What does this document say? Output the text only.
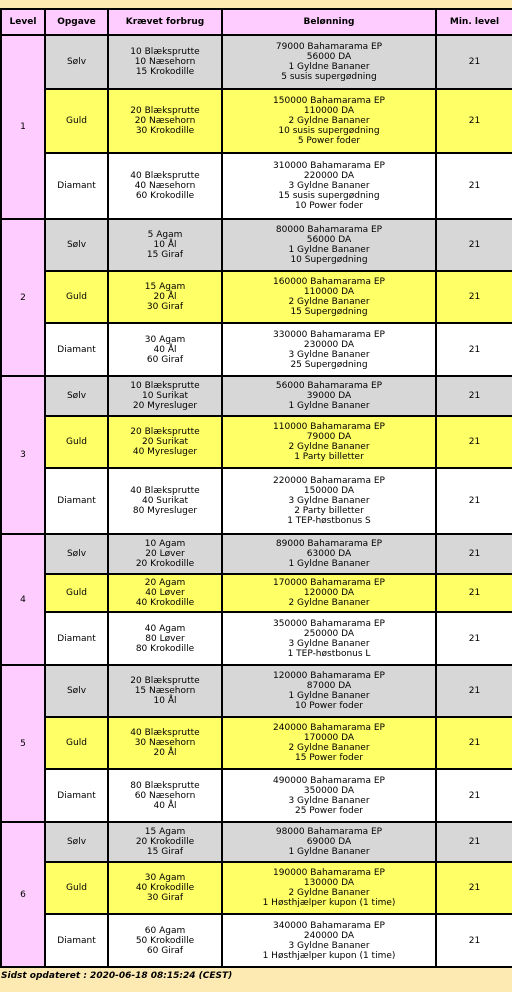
Level	Opgave	Krævet forbrug	Belønning	Min. level
1	Sølv	10 Blæksprutte
10 Næsehorn
15 Krokodille	79000 Bahamarama EP
56000 DA
1 Gyldne Bananer
5 susis supergødning	21
	Guld	20 Blæksprutte
20 Næsehorn
30 Krokodille	150000 Bahamarama EP
110000 DA
2 Gyldne Bananer
10 susis supergødning
5 Power foder	21
	Diamant	40 Blæksprutte
40 Næsehorn
60 Krokodille	310000 Bahamarama EP
220000 DA
3 Gyldne Bananer
15 susis supergødning
10 Power foder	21
2	Sølv	5 Agam
10 Ål
15 Giraf	80000 Bahamarama EP
56000 DA
1 Gyldne Bananer
10 Supergødning	21
	Guld	15 Agam
20 Ål
30 Giraf	160000 Bahamarama EP
110000 DA
2 Gyldne Bananer
15 Supergødning	21
	Diamant	30 Agam
40 Ål
60 Giraf	330000 Bahamarama EP
230000 DA
3 Gyldne Bananer
25 Supergødning	21
3	Sølv	10 Blæksprutte
10 Surikat
20 Myresluger	56000 Bahamarama EP
39000 DA
1 Gyldne Bananer	21
	Guld	20 Blæksprutte
20 Surikat
40 Myresluger	110000 Bahamarama EP
79000 DA
2 Gyldne Bananer
1 Party billetter	21
	Diamant	40 Blæksprutte
40 Surikat
80 Myresluger	220000 Bahamarama EP
150000 DA
3 Gyldne Bananer
2 Party billetter
1 TEP-høstbonus S	21
4	Sølv	10 Agam
20 Løver
20 Krokodille	89000 Bahamarama EP
63000 DA
1 Gyldne Bananer	21
	Guld	20 Agam
40 Løver
40 Krokodille	170000 Bahamarama EP
120000 DA
2 Gyldne Bananer	21
	Diamant	40 Agam
80 Løver
80 Krokodille	350000 Bahamarama EP
250000 DA
3 Gyldne Bananer
1 TEP-høstbonus L	21
5	Sølv	20 Blæksprutte
15 Næsehorn
10 Ål	120000 Bahamarama EP
87000 DA
1 Gyldne Bananer
10 Power foder	21
	Guld	40 Blæksprutte
30 Næsehorn
20 Ål	240000 Bahamarama EP
170000 DA
2 Gyldne Bananer
15 Power foder	21
	Diamant	80 Blæksprutte
60 Næsehorn
40 Ål	490000 Bahamarama EP
350000 DA
3 Gyldne Bananer
25 Power foder	21
6	Sølv	15 Agam
20 Krokodille
15 Giraf	98000 Bahamarama EP
69000 DA
1 Gyldne Bananer	21
	Guld	30 Agam
40 Krokodille
30 Giraf	190000 Bahamarama EP
130000 DA
2 Gyldne Bananer
1 Høsthjælper kupon (1 time)	21
	Diamant	60 Agam
50 Krokodille
60 Giraf	340000 Bahamarama EP
240000 DA
3 Gyldne Bananer
1 Høsthjælper kupon (1 time)	21
Sidst opdateret : 2020-06-18 08:15:24 (CEST)
